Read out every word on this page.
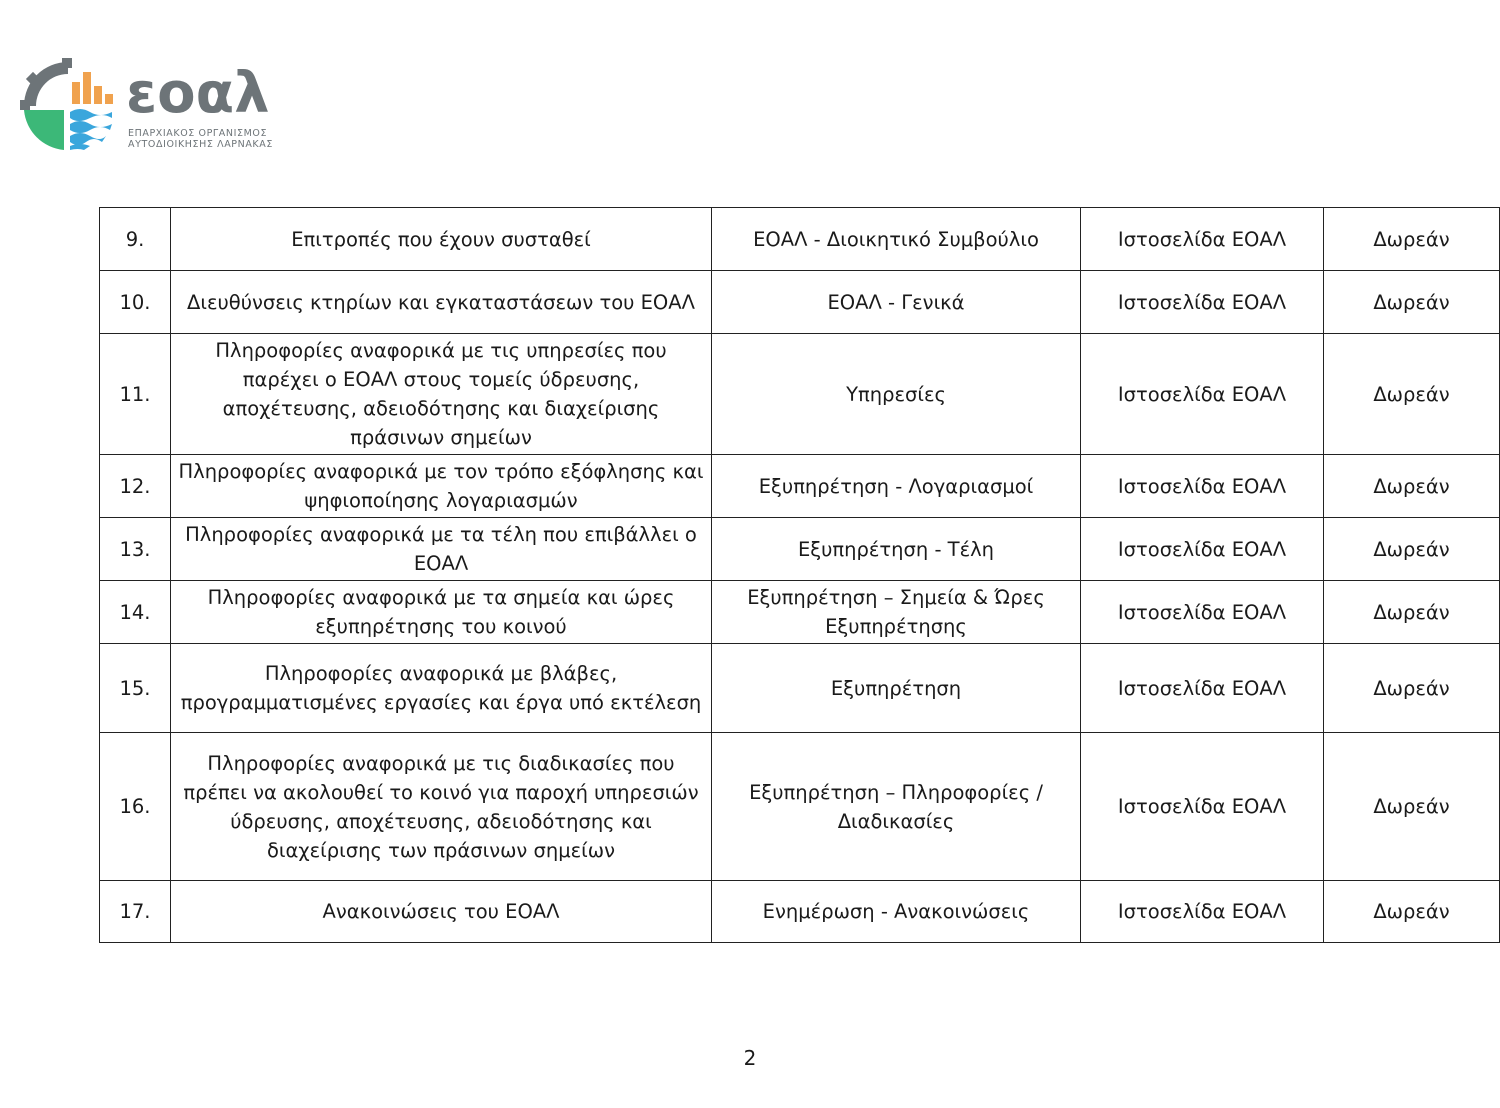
εοαλ
ΕΠΑΡΧΙΑΚΟΣ ΟΡΓΑΝΙΣΜΟΣ
ΑΥΤΟΔΙΟΙΚΗΣΗΣ ΛΑΡΝΑΚΑΣ
9.	Επιτροπές που έχουν συσταθεί	ΕΟΑΛ - Διοικητικό Συμβούλιο	Ιστοσελίδα ΕΟΑΛ	Δωρεάν
10.	Διευθύνσεις κτηρίων και εγκαταστάσεων του ΕΟΑΛ	ΕΟΑΛ - Γενικά	Ιστοσελίδα ΕΟΑΛ	Δωρεάν
11.	Πληροφορίες αναφορικά με τις υπηρεσίες που παρέχει ο ΕΟΑΛ στους τομείς ύδρευσης, αποχέτευσης, αδειοδότησης και διαχείρισης πράσινων σημείων	Υπηρεσίες	Ιστοσελίδα ΕΟΑΛ	Δωρεάν
12.	Πληροφορίες αναφορικά με τον τρόπο εξόφλησης και ψηφιοποίησης λογαριασμών	Εξυπηρέτηση - Λογαριασμοί	Ιστοσελίδα ΕΟΑΛ	Δωρεάν
13.	Πληροφορίες αναφορικά με τα τέλη που επιβάλλει ο ΕΟΑΛ	Εξυπηρέτηση - Τέλη	Ιστοσελίδα ΕΟΑΛ	Δωρεάν
14.	Πληροφορίες αναφορικά με τα σημεία και ώρες εξυπηρέτησης του κοινού	Εξυπηρέτηση – Σημεία & Ώρες Εξυπηρέτησης	Ιστοσελίδα ΕΟΑΛ	Δωρεάν
15.	Πληροφορίες αναφορικά με βλάβες, προγραμματισμένες εργασίες και έργα υπό εκτέλεση	Εξυπηρέτηση	Ιστοσελίδα ΕΟΑΛ	Δωρεάν
16.	Πληροφορίες αναφορικά με τις διαδικασίες που πρέπει να ακολουθεί το κοινό για παροχή υπηρεσιών ύδρευσης, αποχέτευσης, αδειοδότησης και διαχείρισης των πράσινων σημείων	Εξυπηρέτηση – Πληροφορίες / Διαδικασίες	Ιστοσελίδα ΕΟΑΛ	Δωρεάν
17.	Ανακοινώσεις του ΕΟΑΛ	Ενημέρωση - Ανακοινώσεις	Ιστοσελίδα ΕΟΑΛ	Δωρεάν
2
